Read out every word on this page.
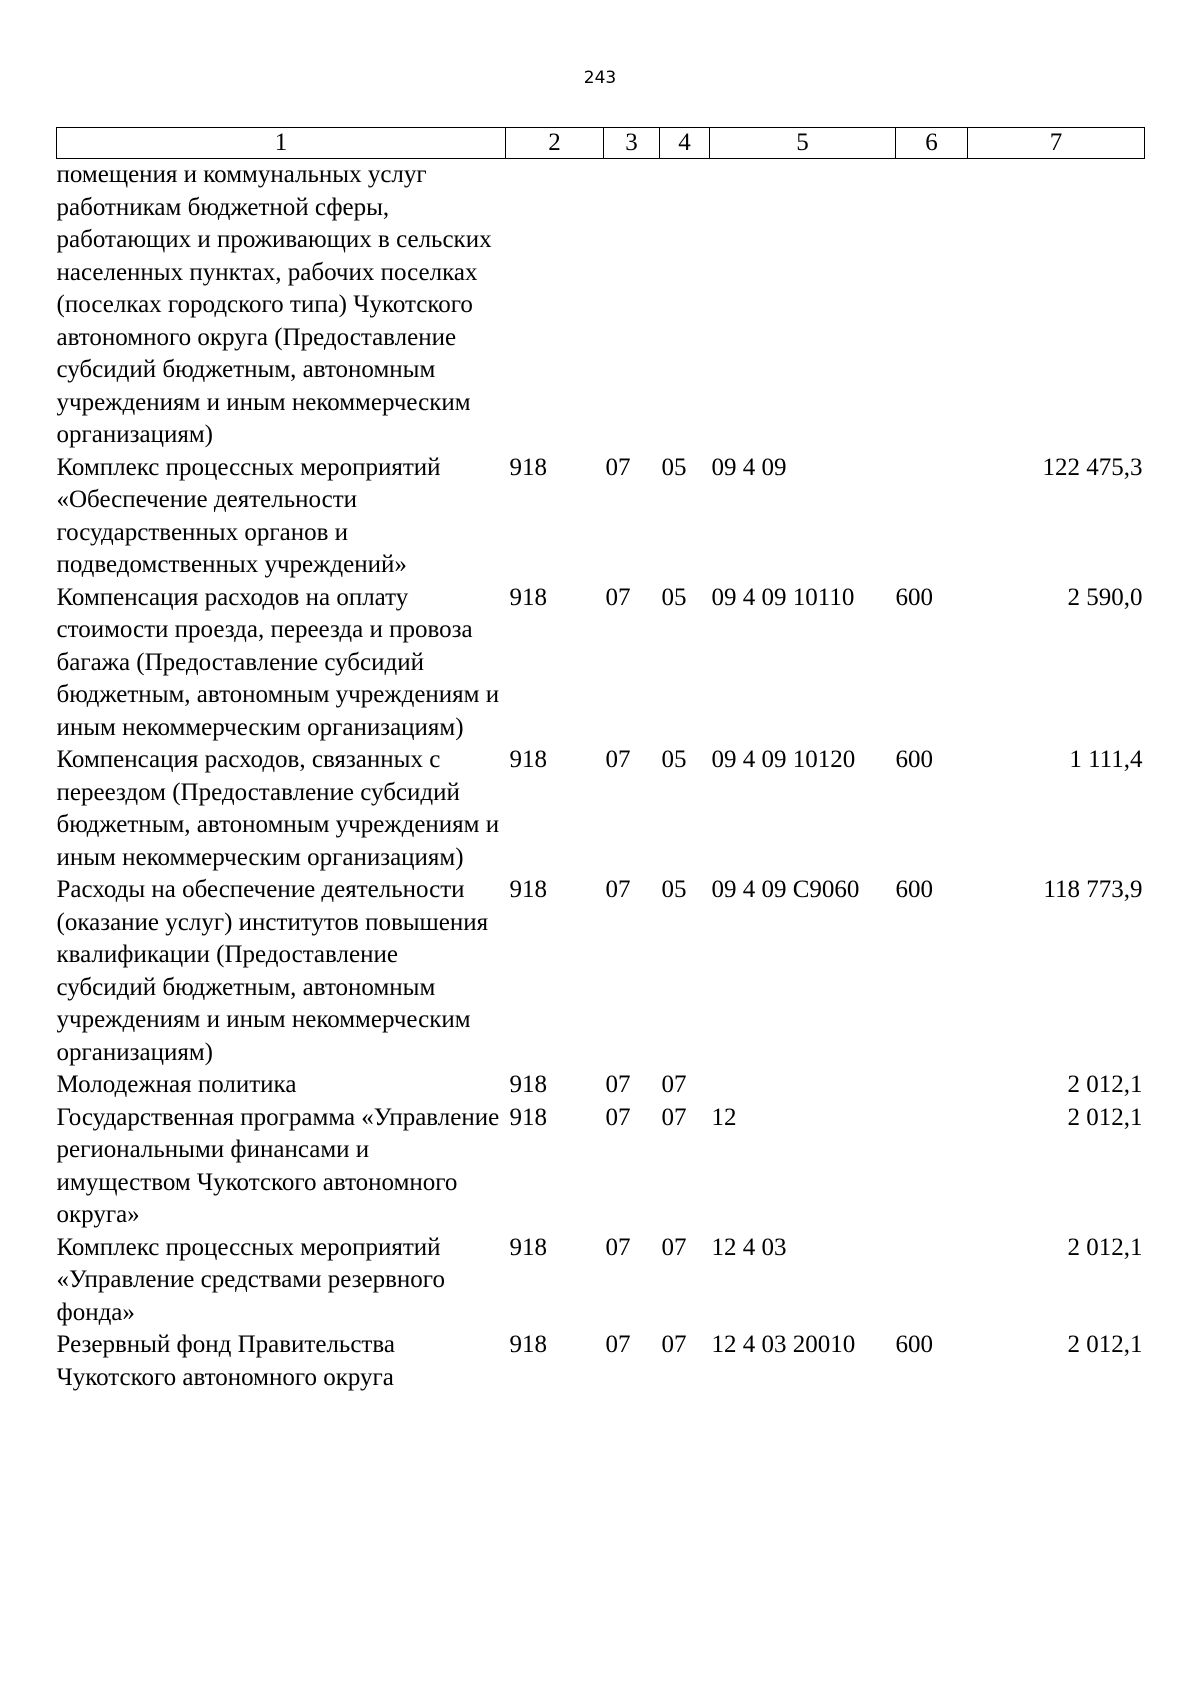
243
1	2	3	4	5	6	7
помещения и коммунальных услуг работникам бюджетной сферы, работающих и проживающих в сельских населенных пунктах, рабочих поселках (поселках городского типа) Чукотского автономного округа (Предоставление субсидий бюджетным, автономным учреждениям и иным некоммерческим организациям)						
Комплекс процессных мероприятий «Обеспечение деятельности государственных органов и подведомственных учреждений»	918	07	05	09 4 09		122 475,3
Компенсация расходов на оплату стоимости проезда, переезда и провоза багажа (Предоставление субсидий бюджетным, автономным учреждениям и иным некоммерческим организациям)	918	07	05	09 4 09 10110	600	2 590,0
Компенсация расходов, связанных с переездом (Предоставление субсидий бюджетным, автономным учреждениям и иным некоммерческим организациям)	918	07	05	09 4 09 10120	600	1 111,4
Расходы на обеспечение деятельности (оказание услуг) институтов повышения квалификации (Предоставление субсидий бюджетным, автономным учреждениям и иным некоммерческим организациям)	918	07	05	09 4 09 С9060	600	118 773,9
Молодежная политика	918	07	07			2 012,1
Государственная программа «Управление региональными финансами и имуществом Чукотского автономного округа»	918	07	07	12		2 012,1
Комплекс процессных мероприятий «Управление средствами резервного фонда»	918	07	07	12 4 03		2 012,1
Резервный фонд Правительства Чукотского автономного округа	918	07	07	12 4 03 20010	600	2 012,1
